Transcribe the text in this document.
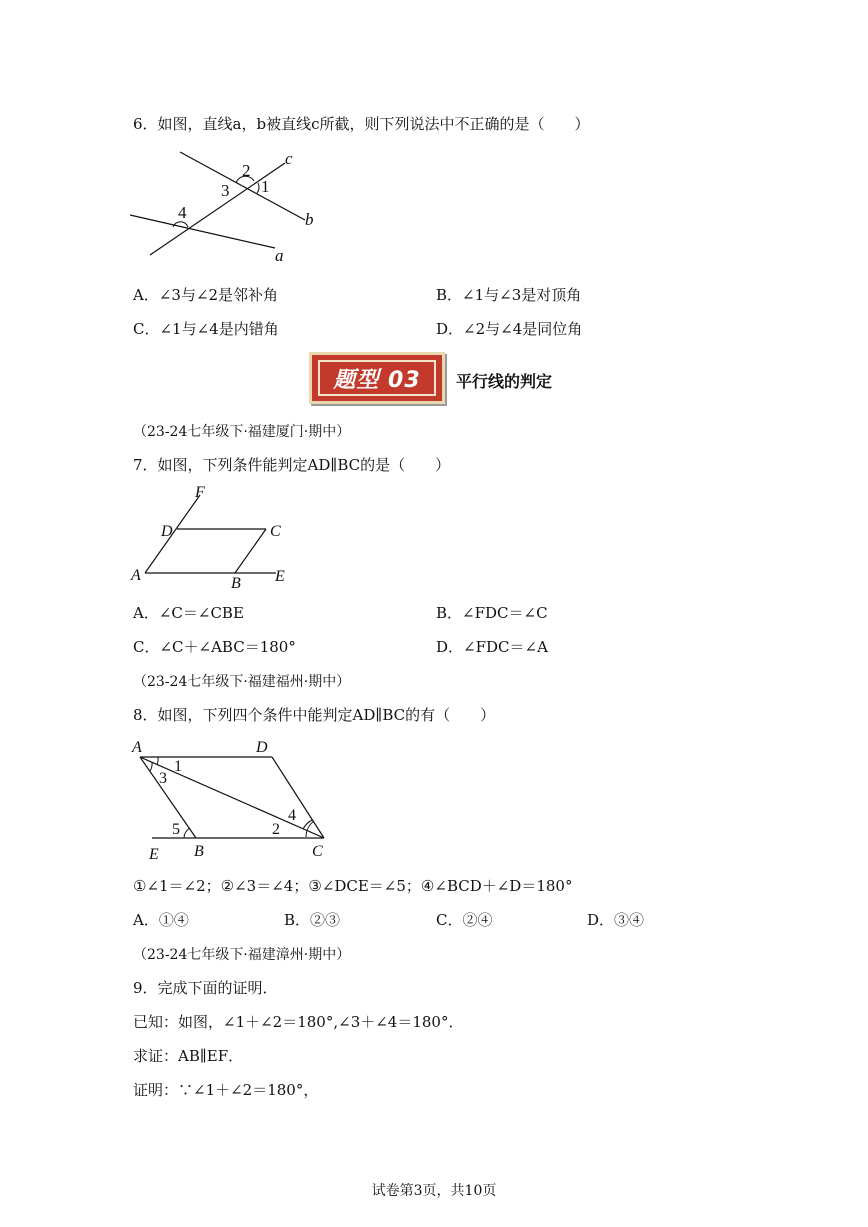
6．如图，直线a，b被直线c所截，则下列说法中不正确的是（　　）
2
3 1
c
4	b
a
A．∠3与∠2是邻补角	B．∠1与∠3是对顶角
C．∠1与∠4是内错角	D．∠2与∠4是同位角
题型 03	平行线的判定
（23-24七年级下·福建厦门·期中）
7．如图，下列条件能判定AD∥BC的是（　　）
F
D	C
A	B E
A．∠C＝∠CBE	B．∠FDC＝∠C
C．∠C＋∠ABC＝180°	D．∠FDC＝∠A
（23-24七年级下·福建福州·期中）
8．如图，下列四个条件中能判定AD∥BC的有（　　）
A	D
1
3
4
5	2
E B	C
①∠1＝∠2；②∠3＝∠4；③∠DCE＝∠5；④∠BCD＋∠D＝180°
A．①④	B．②③	C．②④	D．③④
（23-24七年级下·福建漳州·期中）
9．完成下面的证明．
已知：如图，∠1＋∠2＝180°,∠3＋∠4＝180°．
求证：AB∥EF．
证明：∵∠1＋∠2＝180°，
试卷第3页，共10页
